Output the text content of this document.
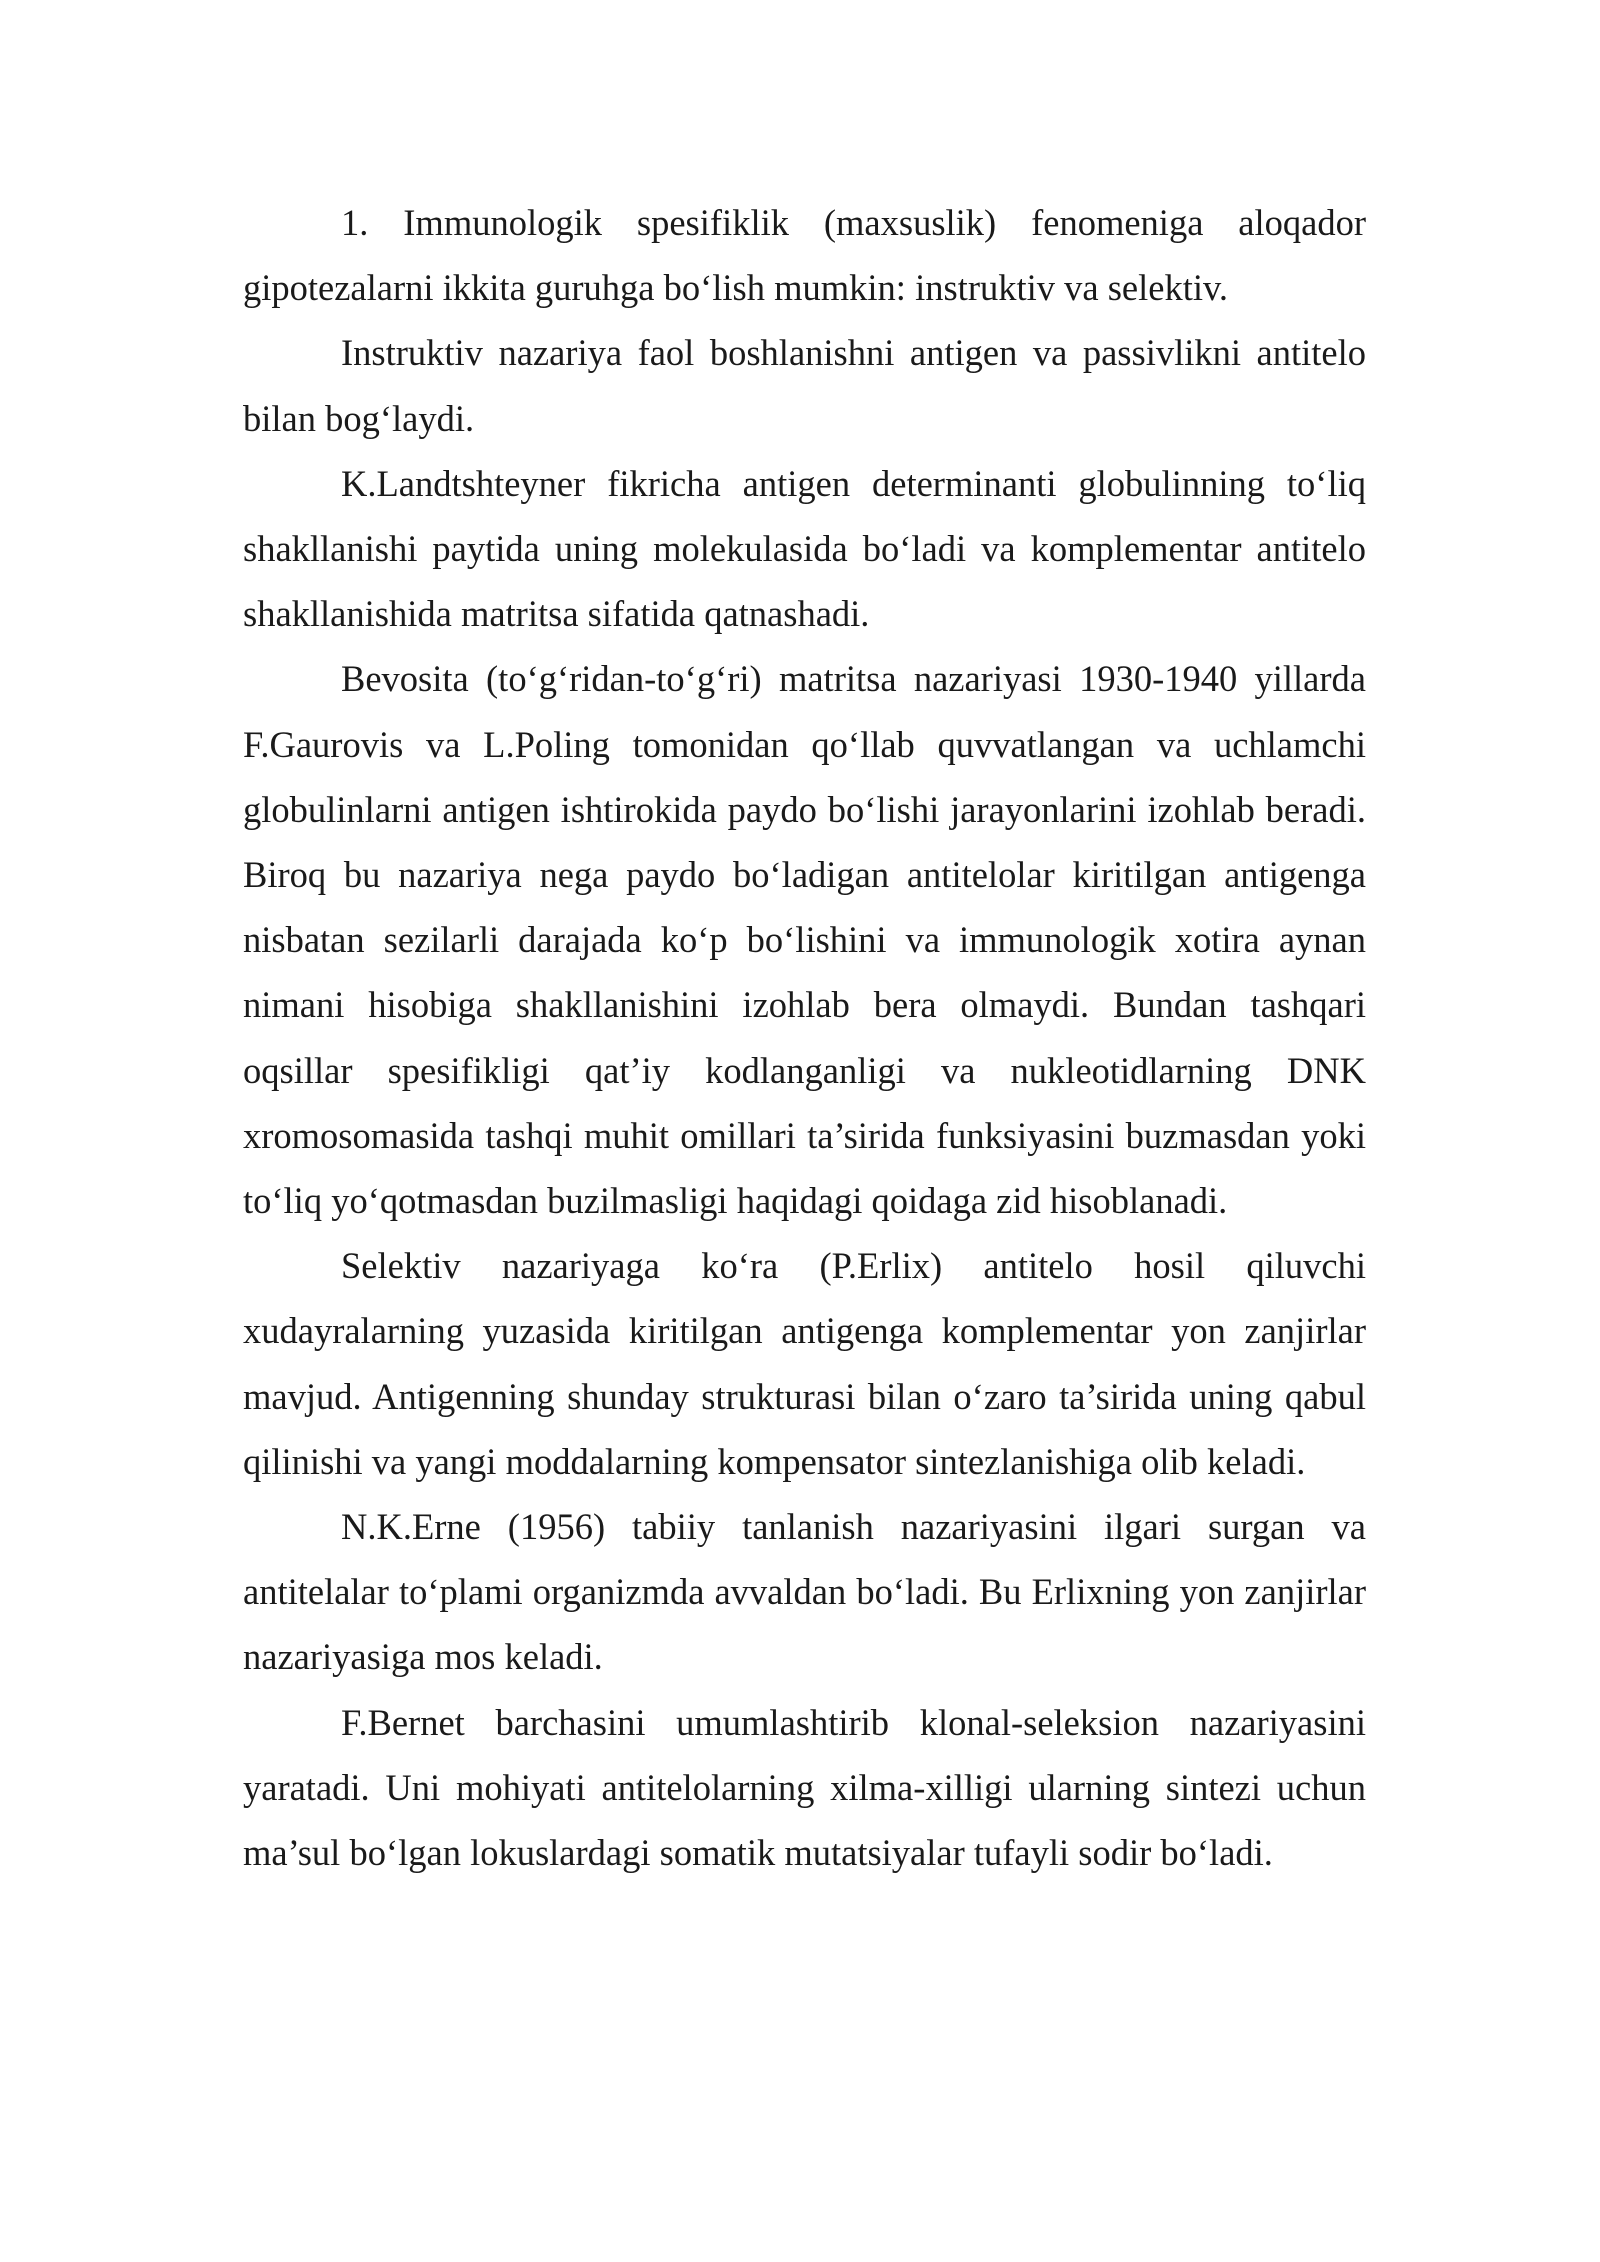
1. Immunologik spesifiklik (maxsuslik) fenomeniga aloqador gipotezalarni ikkita guruhga bo‘lish mumkin: instruktiv va selektiv.

Instruktiv nazariya faol boshlanishni antigen va passivlikni antitelo bilan bog‘laydi.

K.Landtshteyner fikricha antigen determinanti globulinning to‘liq shakllanishi paytida uning molekulasida bo‘ladi va komplementar antitelo shakllanishida matritsa sifatida qatnashadi.

Bevosita (to‘g‘ridan-to‘g‘ri) matritsa nazariyasi 1930-1940 yillarda F.Gaurovis va L.Poling tomonidan qo‘llab quvvatlangan va uchlamchi globulinlarni antigen ishtirokida paydo bo‘lishi jarayonlarini izohlab beradi. Biroq bu nazariya nega paydo bo‘ladigan antitelolar kiritilgan antigenga nisbatan sezilarli darajada ko‘p bo‘lishini va immunologik xotira aynan nimani hisobiga shakllanishini izohlab bera olmaydi. Bundan tashqari oqsillar spesifikligi qat’iy kodlanganligi va nukleotidlarning DNK xromosomasida tashqi muhit omillari ta’sirida funksiyasini buzmasdan yoki to‘liq yo‘qotmasdan buzilmasligi haqidagi qoidaga zid hisoblanadi.

Selektiv nazariyaga ko‘ra (P.Erlix) antitelo hosil qiluvchi xudayralarning yuzasida kiritilgan antigenga komplementar yon zanjirlar mavjud. Antigenning shunday strukturasi bilan o‘zaro ta’sirida uning qabul qilinishi va yangi moddalarning kompensator sintezlanishiga olib keladi.

N.K.Erne (1956) tabiiy tanlanish nazariyasini ilgari surgan va antitelalar to‘plami organizmda avvaldan bo‘ladi. Bu Erlixning yon zanjirlar nazariyasiga mos keladi.

F.Bernet barchasini umumlashtirib klonal-seleksion nazariyasini yaratadi. Uni mohiyati antitelolarning xilma-xilligi ularning sintezi uchun ma’sul bo‘lgan lokuslardagi somatik mutatsiyalar tufayli sodir bo‘ladi.
